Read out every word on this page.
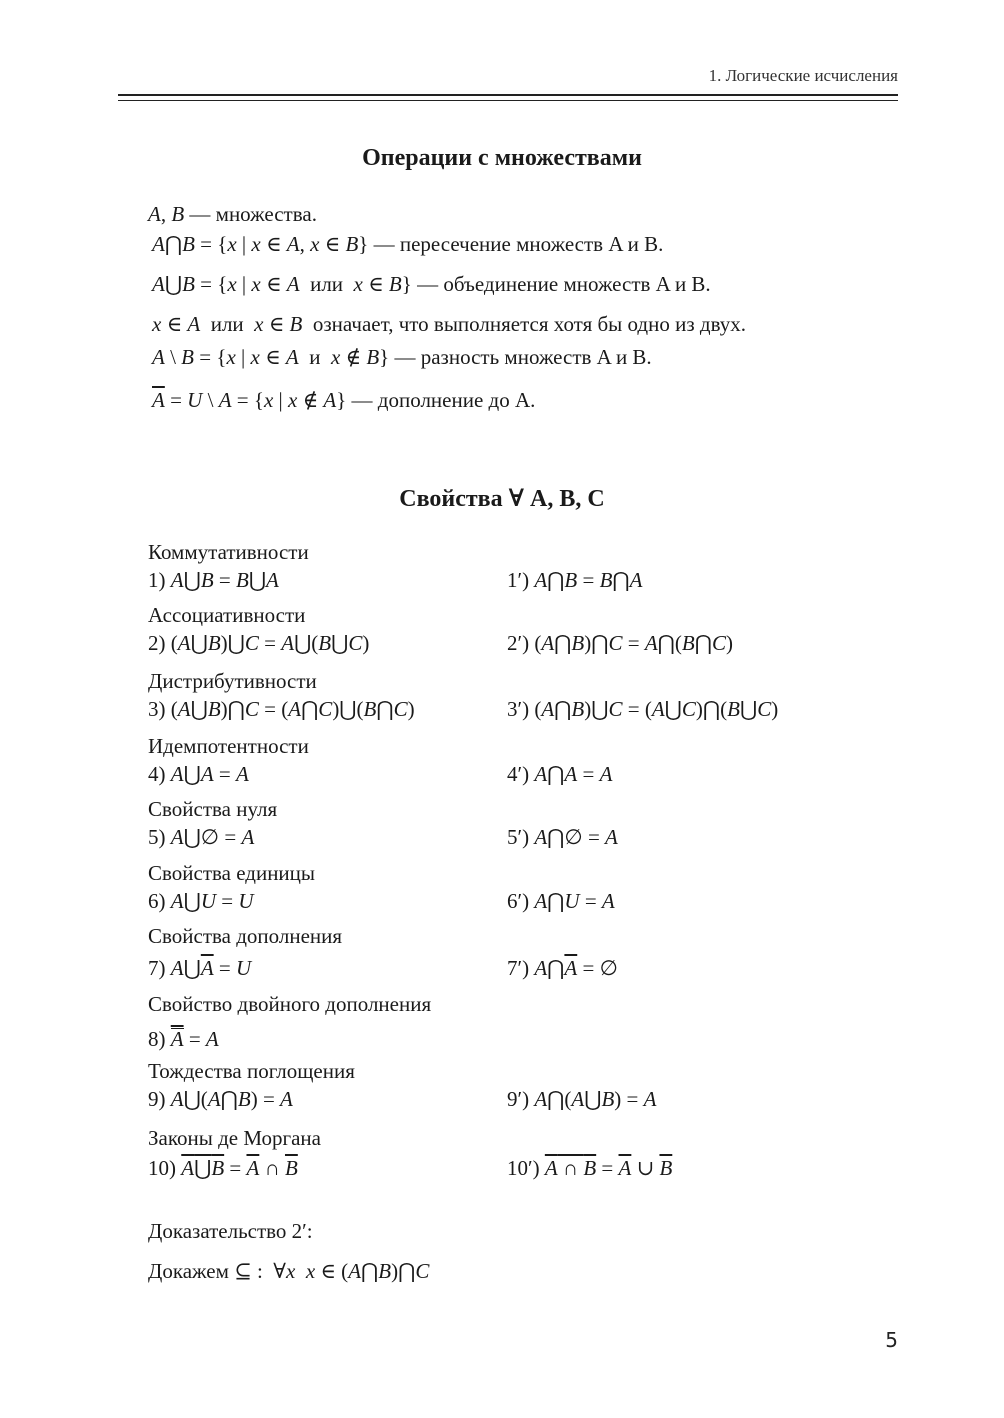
1. Логические исчисления
Операции с множествами
A, B — множества.
A⋂B = {x | x ∈ A, x ∈ B} — пересечение множеств A и B.
A⋃B = {x | x ∈ A или x ∈ B} — объединение множеств A и B.
x ∈ A или x ∈ B означает, что выполняется хотя бы одно из двух.
A \ B = {x | x ∈ A и x ∉ B} — разность множеств A и B.
$\overline{A} = U$ \ A = {x | x ∉ A} — дополнение до A.
Свойства ∀ A, B, C
Коммутативности
1) A⋃B = B⋃A	1′) A⋂B = B⋂A
Ассоциативности
2) (A⋃B)⋃C = A⋃(B⋃C)	2′) (A⋂B)⋂C = A⋂(B⋂C)
Дистрибутивности
3) (A⋃B)⋂C = (A⋂C)⋃(B⋂C)	3′) (A⋂B)⋃C = (A⋃C)⋂(B⋃C)
Идемпотентности
4) A⋃A = A	4′) A⋂A = A
Свойства нуля
5) A⋃∅ = A	5′) A⋂∅ = A
Свойства единицы
6) A⋃U = U	6′) A⋂U = A
Свойства дополнения
7) $A⋃\overline{A} = U$	7′) $A⋂\overline{A}$ = ∅
Свойство двойного дополнения
8) $\overline{A} = A$
Тождества поглощения
9) A⋃(A⋂B) = A	9′) A⋂(A⋃B) = A
Законы де Моргана
10) A⋃B = $\overline{A}$ ∩ $\overline{B}$	10′) A ∩ $B = \overline{A}$ ∪ $\overline{B}$
Доказательство 2′:
Докажем ⊆ :  ∀x x ∈ (A⋂B)⋂C
5
